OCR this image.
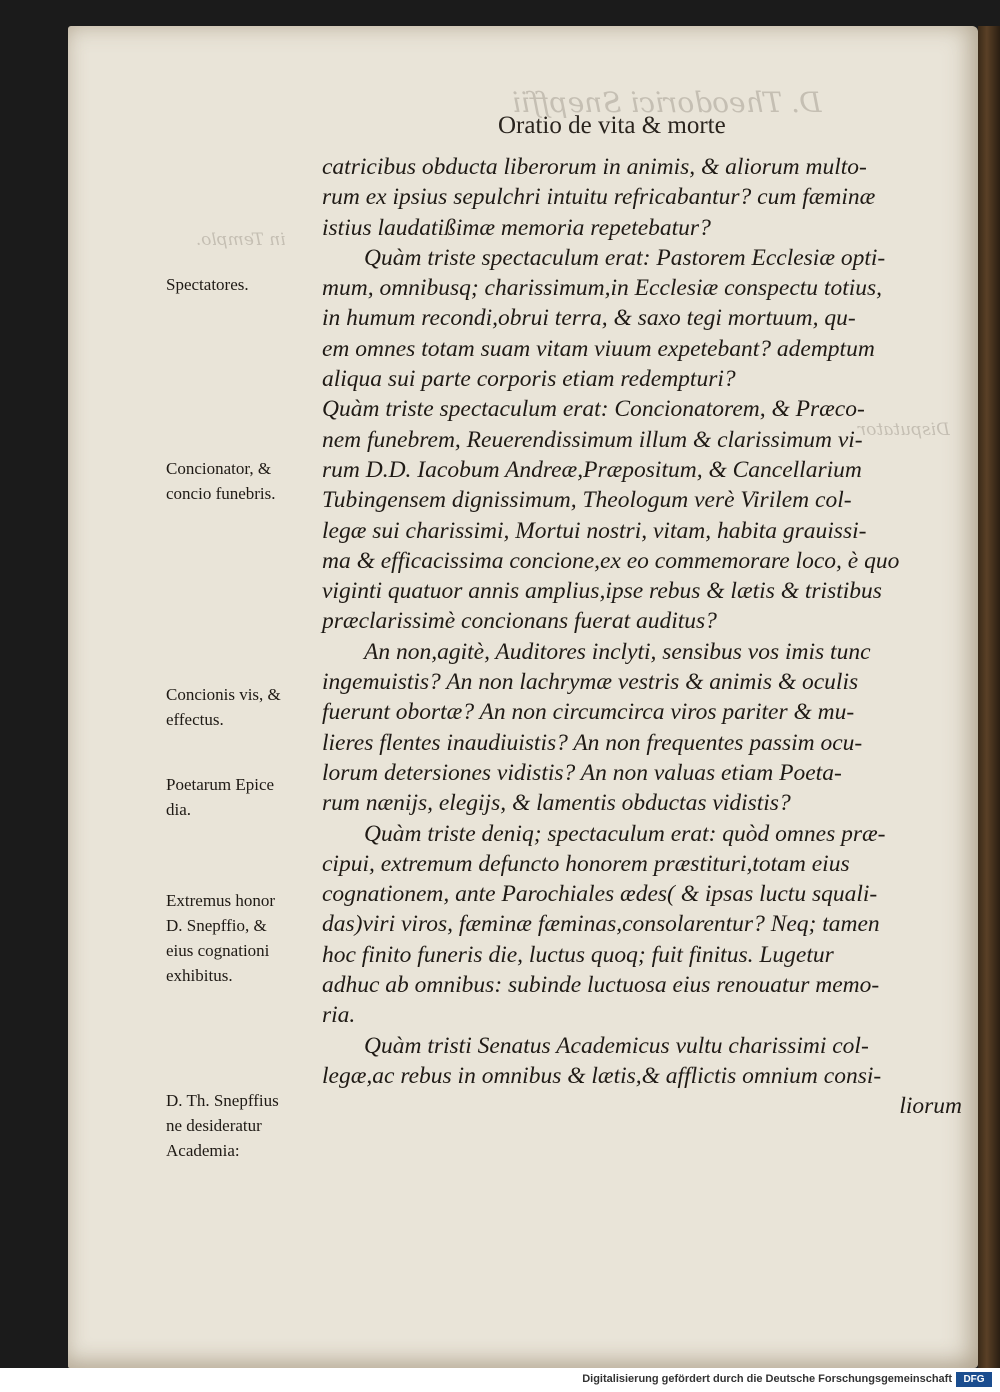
D. Theodorici Snepffii
in Templo.
Disputator
Oratio de vita & morte
catricibus obducta liberorum in animis, & aliorum multo-
rum ex ipsius sepulchri intuitu refricabantur? cum fæminæ
istius laudatißimæ memoria repetebatur?
Quàm triste spectaculum erat: Pastorem Ecclesiæ opti-
mum, omnibusq; charissimum,in Ecclesiæ conspectu totius,
in humum recondi,obrui terra, & saxo tegi mortuum, qu-
em omnes totam suam vitam viuum expetebant? ademptum
aliqua sui parte corporis etiam redempturi?
Quàm triste spectaculum erat: Concionatorem, & Præco-
nem funebrem, Reuerendissimum illum & clarissimum vi-
rum D.D. Iacobum Andreæ,Præpositum, & Cancellarium
Tubingensem dignissimum, Theologum verè Virilem col-
legæ sui charissimi, Mortui nostri, vitam, habita grauissi-
ma & efficacissima concione,ex eo commemorare loco, è quo
viginti quatuor annis amplius,ipse rebus & lætis & tristibus
præclarissimè concionans fuerat auditus?
An non,agitè, Auditores inclyti, sensibus vos imis tunc
ingemuistis? An non lachrymæ vestris & animis & oculis
fuerunt obortæ? An non circumcirca viros pariter & mu-
lieres flentes inaudiuistis? An non frequentes passim ocu-
lorum detersiones vidistis? An non valuas etiam Poeta-
rum nænijs, elegijs, & lamentis obductas vidistis?
Quàm triste deniq; spectaculum erat: quòd omnes præ-
cipui, extremum defuncto honorem præstituri,totam eius
cognationem, ante Parochiales ædes( & ipsas luctu squali-
das)viri viros, fæminæ fæminas,consolarentur? Neq; tamen
hoc finito funeris die, luctus quoq; fuit finitus. Lugetur
adhuc ab omnibus: subinde luctuosa eius renouatur memo-
ria.
Quàm tristi Senatus Academicus vultu charissimi col-
legæ,ac rebus in omnibus & lætis,& afflictis omnium consi-
liorum
Spectatores.
Concionator, &
concio funebris.
Concionis vis, &
effectus.
Poetarum Epice
dia.
Extremus honor
D. Snepffio, &
eius cognationi
exhibitus.
D. Th. Snepffius
ne desideratur
Academia:
Digitalisierung gefördert durch die Deutsche Forschungsgemeinschaft	DFG
